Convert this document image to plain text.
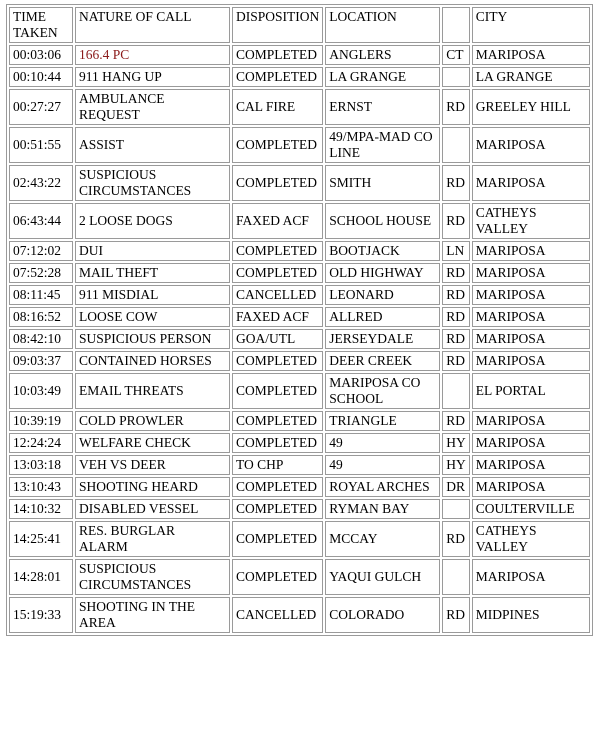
TIME TAKEN	NATURE OF CALL	DISPOSITION	LOCATION		CITY
00:03:06	166.4 PC	COMPLETED	ANGLERS	CT	MARIPOSA
00:10:44	911 HANG UP	COMPLETED	LA GRANGE		LA GRANGE
00:27:27	AMBULANCE REQUEST	CAL FIRE	ERNST	RD	GREELEY HILL
00:51:55	ASSIST	COMPLETED	49/MPA-MAD CO LINE		MARIPOSA
02:43:22	SUSPICIOUS CIRCUMSTANCES	COMPLETED	SMITH	RD	MARIPOSA
06:43:44	2 LOOSE DOGS	FAXED ACF	SCHOOL HOUSE	RD	CATHEYS VALLEY
07:12:02	DUI	COMPLETED	BOOTJACK	LN	MARIPOSA
07:52:28	MAIL THEFT	COMPLETED	OLD HIGHWAY	RD	MARIPOSA
08:11:45	911 MISDIAL	CANCELLED	LEONARD	RD	MARIPOSA
08:16:52	LOOSE COW	FAXED ACF	ALLRED	RD	MARIPOSA
08:42:10	SUSPICIOUS PERSON	GOA/UTL	JERSEYDALE	RD	MARIPOSA
09:03:37	CONTAINED HORSES	COMPLETED	DEER CREEK	RD	MARIPOSA
10:03:49	EMAIL THREATS	COMPLETED	MARIPOSA CO SCHOOL		EL PORTAL
10:39:19	COLD PROWLER	COMPLETED	TRIANGLE	RD	MARIPOSA
12:24:24	WELFARE CHECK	COMPLETED	49	HY	MARIPOSA
13:03:18	VEH VS DEER	TO CHP	49	HY	MARIPOSA
13:10:43	SHOOTING HEARD	COMPLETED	ROYAL ARCHES	DR	MARIPOSA
14:10:32	DISABLED VESSEL	COMPLETED	RYMAN BAY		COULTERVILLE
14:25:41	RES. BURGLAR ALARM	COMPLETED	MCCAY	RD	CATHEYS VALLEY
14:28:01	SUSPICIOUS CIRCUMSTANCES	COMPLETED	YAQUI GULCH		MARIPOSA
15:19:33	SHOOTING IN THE AREA	CANCELLED	COLORADO	RD	MIDPINES
